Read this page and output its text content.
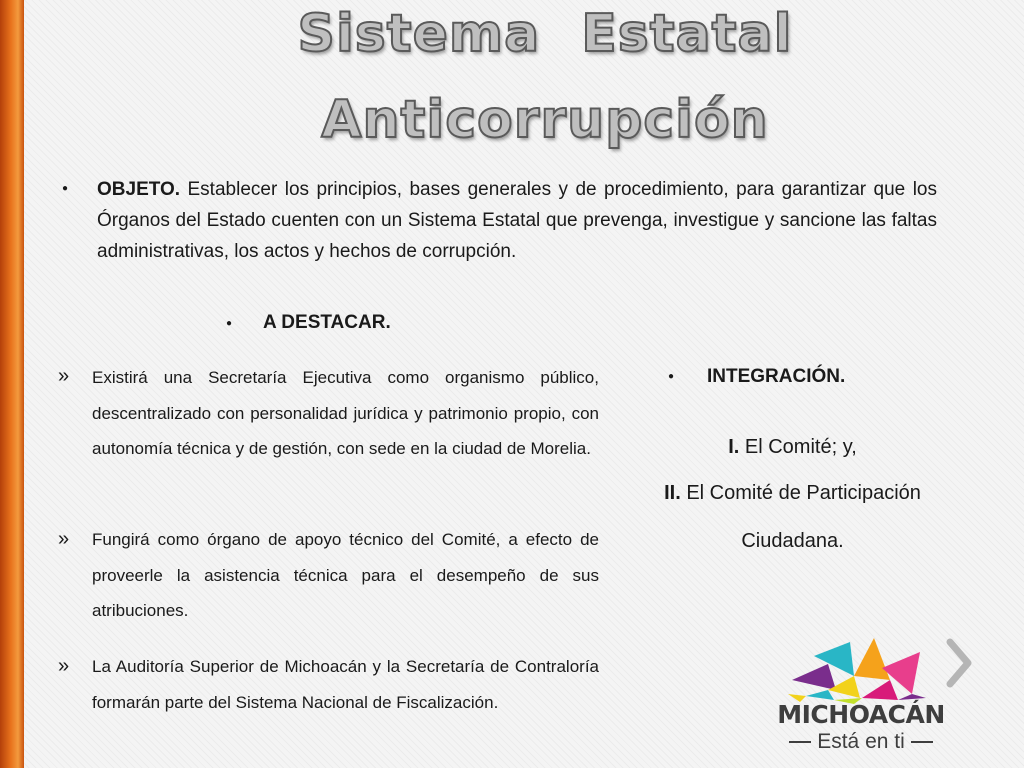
Sistema Estatal
Anticorrupción
● OBJETO. Establecer los principios, bases generales y de procedimiento, para garantizar que los Órganos del Estado cuenten con un Sistema Estatal que prevenga, investigue y sancione las faltas administrativas, los actos y hechos de corrupción.
● A DESTACAR.
» Existirá una Secretaría Ejecutiva como organismo público, descentralizado con personalidad jurídica y patrimonio propio, con autonomía técnica y de gestión, con sede en la ciudad de Morelia.
» Fungirá como órgano de apoyo técnico del Comité, a efecto de proveerle la asistencia técnica para el desempeño de sus atribuciones.
» La Auditoría Superior de Michoacán y la Secretaría de Contraloría formarán parte del Sistema Nacional de Fiscalización.
● INTEGRACIÓN.
I. El Comité; y,
II. El Comité de Participación
Ciudadana.
MICHOACÁN
Está en ti
